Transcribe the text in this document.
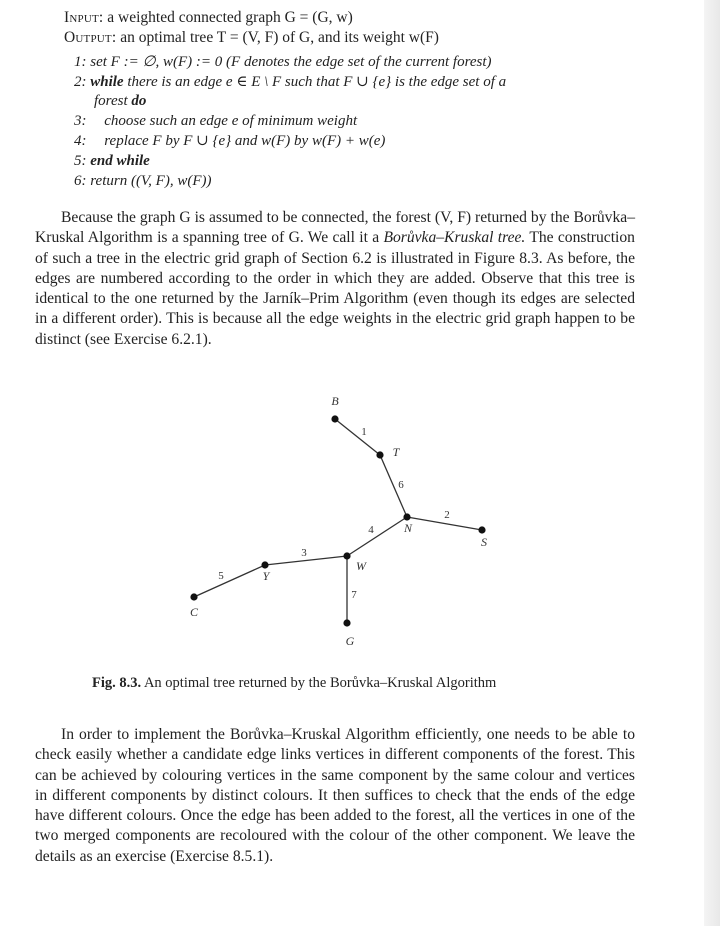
Input: a weighted connected graph G = (G, w)
Output: an optimal tree T = (V, F) of G, and its weight w(F)
1: set F := ∅, w(F) := 0 (F denotes the edge set of the current forest)
2: while there is an edge e ∈ E \ F such that F ∪ {e} is the edge set of a
forest do
3: choose such an edge e of minimum weight
4: replace F by F ∪ {e} and w(F) by w(F) + w(e)
5: end while
6: return ((V, F), w(F))
Because the graph G is assumed to be connected, the forest (V, F) returned by the Borůvka–Kruskal Algorithm is a spanning tree of G. We call it a Borůvka–Kruskal tree. The construction of such a tree in the electric grid graph of Section 6.2 is illustrated in Figure 8.3. As before, the edges are numbered according to the order in which they are added. Observe that this tree is identical to the one returned by the Jarník–Prim Algorithm (even though its edges are selected in a different order). This is because all the edge weights in the electric grid graph happen to be distinct (see Exercise 6.2.1).
1
2
3
4
5
6
7
B
T
N
S
W
G
Y
C
Fig. 8.3. An optimal tree returned by the Borůvka–Kruskal Algorithm
In order to implement the Borůvka–Kruskal Algorithm efficiently, one needs to be able to check easily whether a candidate edge links vertices in different components of the forest. This can be achieved by colouring vertices in the same component by the same colour and vertices in different components by distinct colours. It then suffices to check that the ends of the edge have different colours. Once the edge has been added to the forest, all the vertices in one of the two merged components are recoloured with the colour of the other component. We leave the details as an exercise (Exercise 8.5.1).
